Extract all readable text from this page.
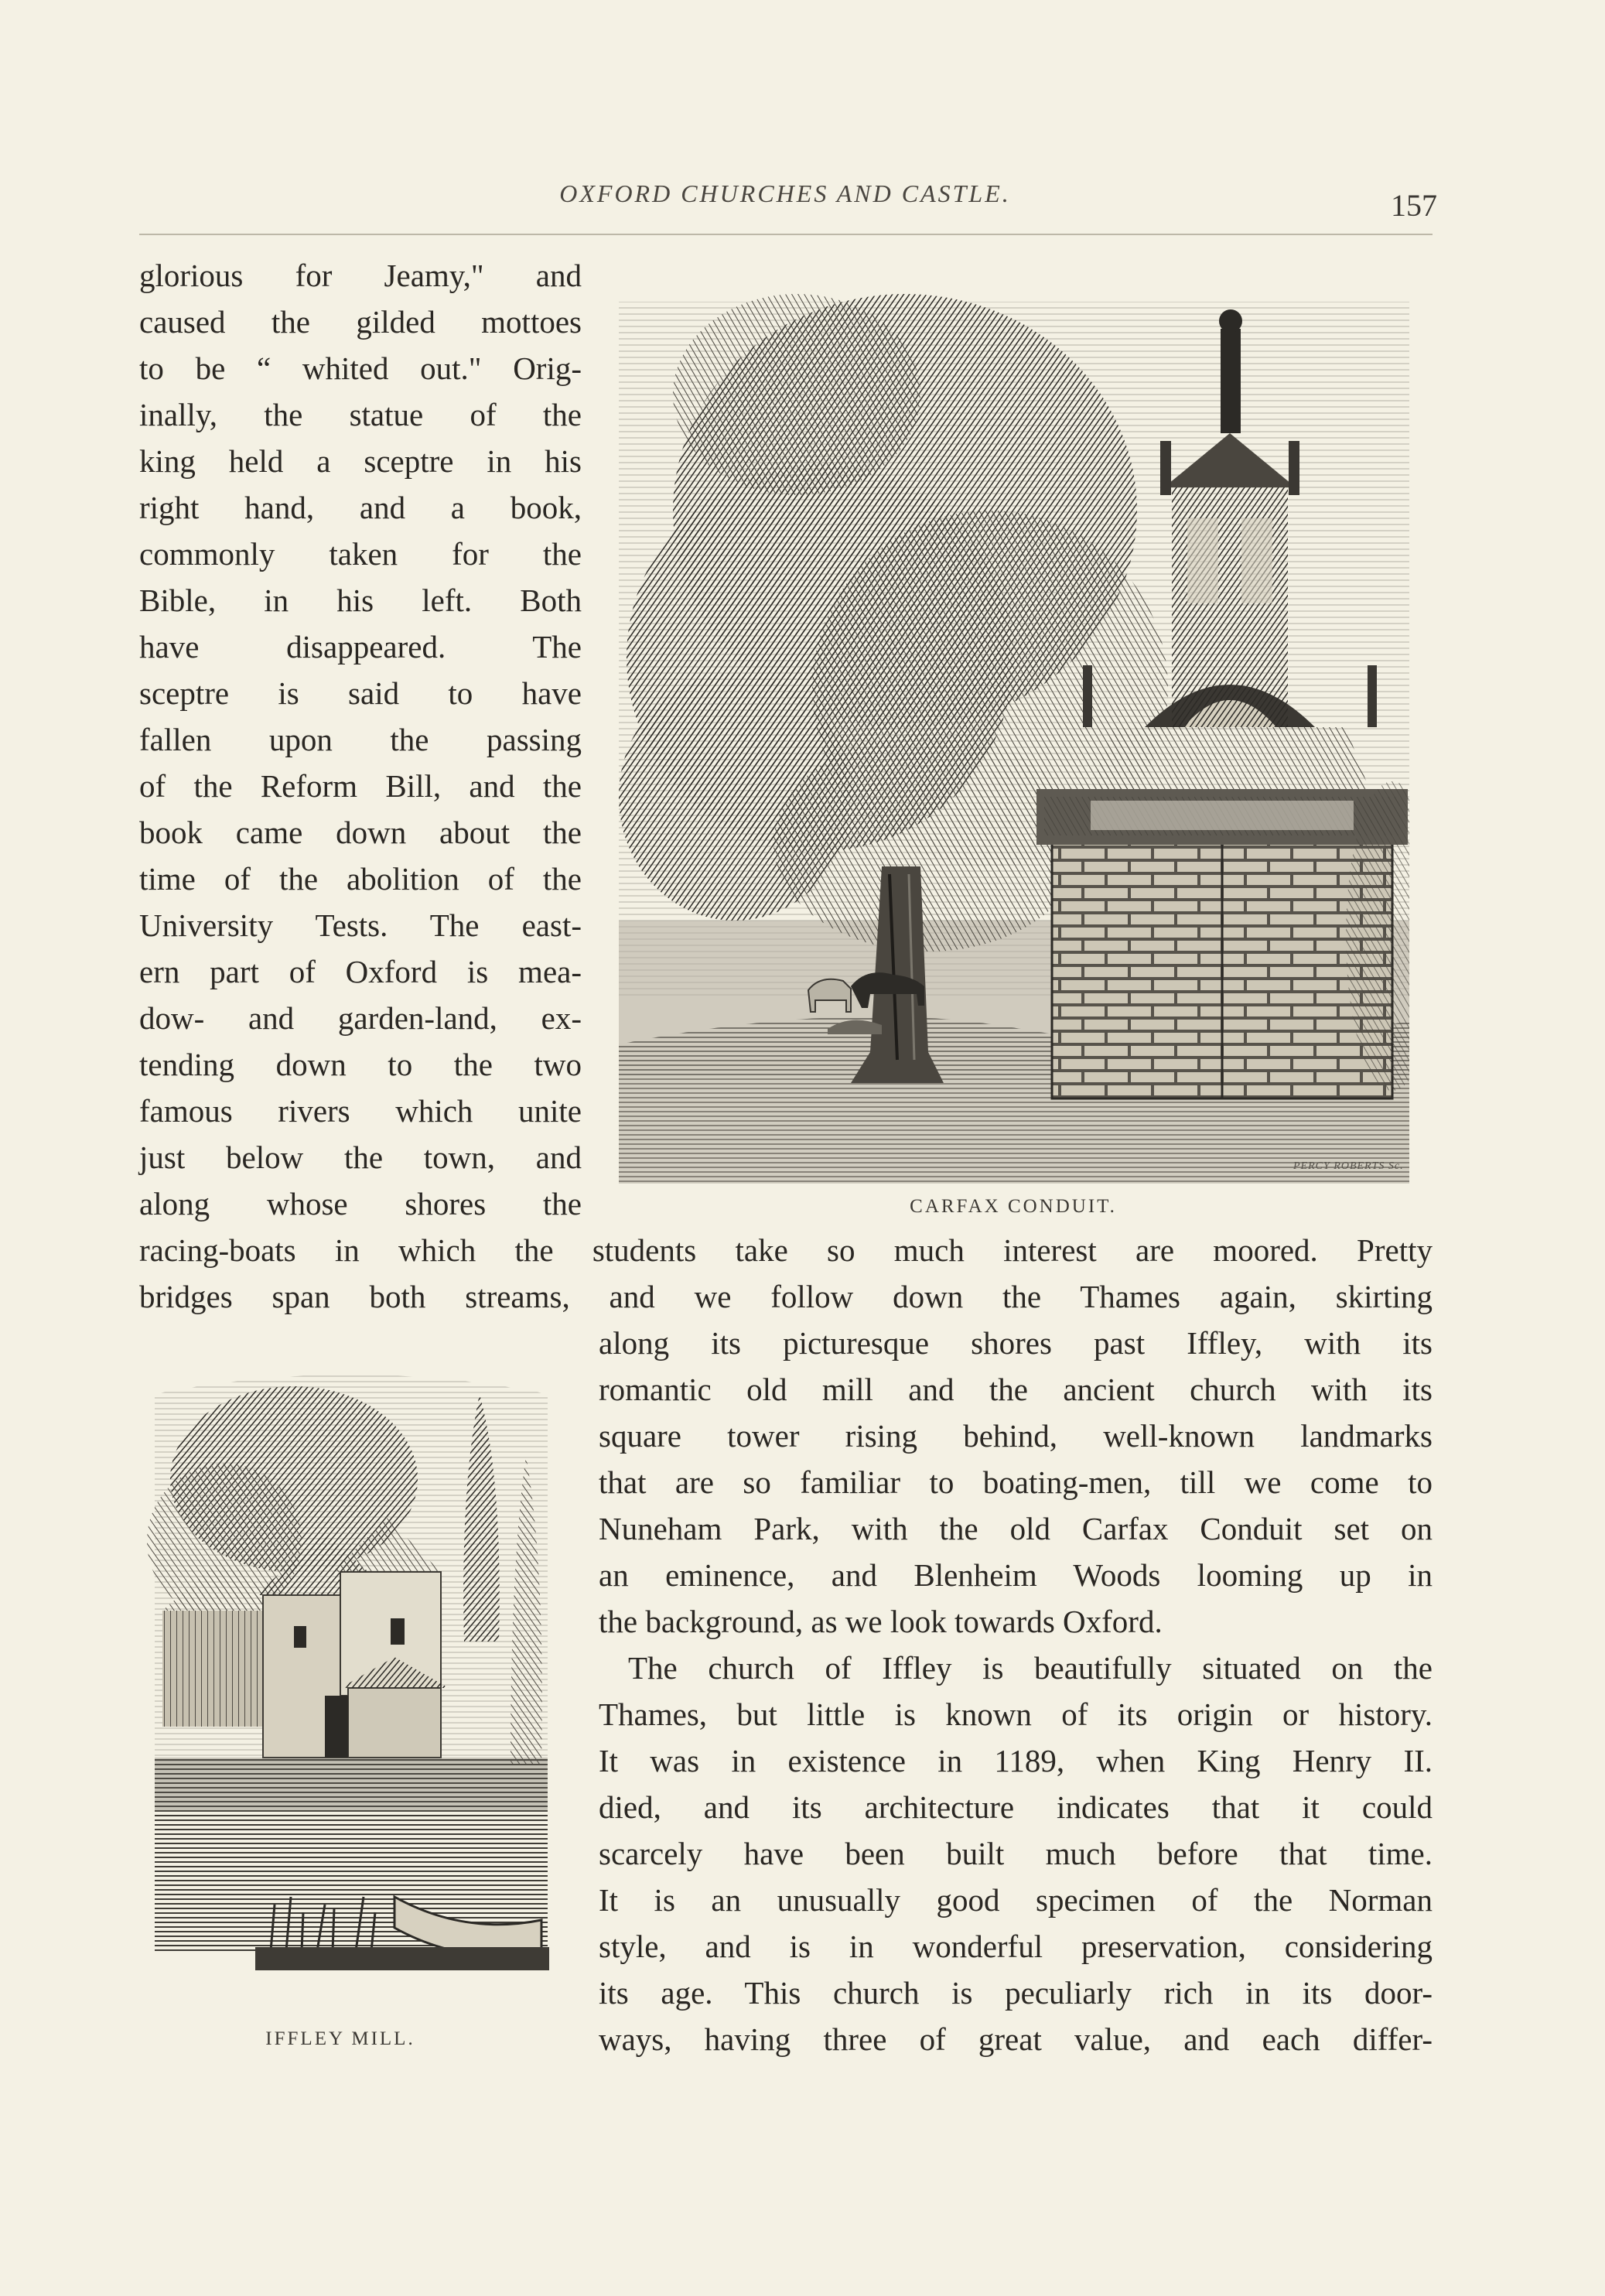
OXFORD CHURCHES AND CASTLE.	157
glorious for Jeamy," and
caused the gilded mottoes
to be “ whited out." Orig-
inally, the statue of the
king held a sceptre in his
right hand, and a book,
commonly taken for the
Bible, in his left. Both
have disappeared. The
sceptre is said to have
fallen upon the passing
of the Reform Bill, and the
book came down about the
time of the abolition of the
University Tests. The east-
ern part of Oxford is mea-
dow- and garden-land, ex-
tending down to the two
famous rivers which unite
just below the town, and
along whose shores the
racing-boats in which the students take so much interest are moored. Pretty
bridges span both streams, and we follow down the Thames again, skirting
along its picturesque shores past Iffley, with its
romantic old mill and the ancient church with its
square tower rising behind, well-known landmarks
that are so familiar to boating-men, till we come to
Nuneham Park, with the old Carfax Conduit set on
an eminence, and Blenheim Woods looming up in
the background, as we look towards Oxford.
The church of Iffley is beautifully situated on the
Thames, but little is known of its origin or history.
It was in existence in 1189, when King Henry II.
died, and its architecture indicates that it could
scarcely have been built much before that time.
It is an unusually good specimen of the Norman
style, and is in wonderful preservation, considering
its age. This church is peculiarly rich in its door-
ways, having three of great value, and each differ-
PERCY ROBERTS Sc.
CARFAX CONDUIT.
IFFLEY MILL.
